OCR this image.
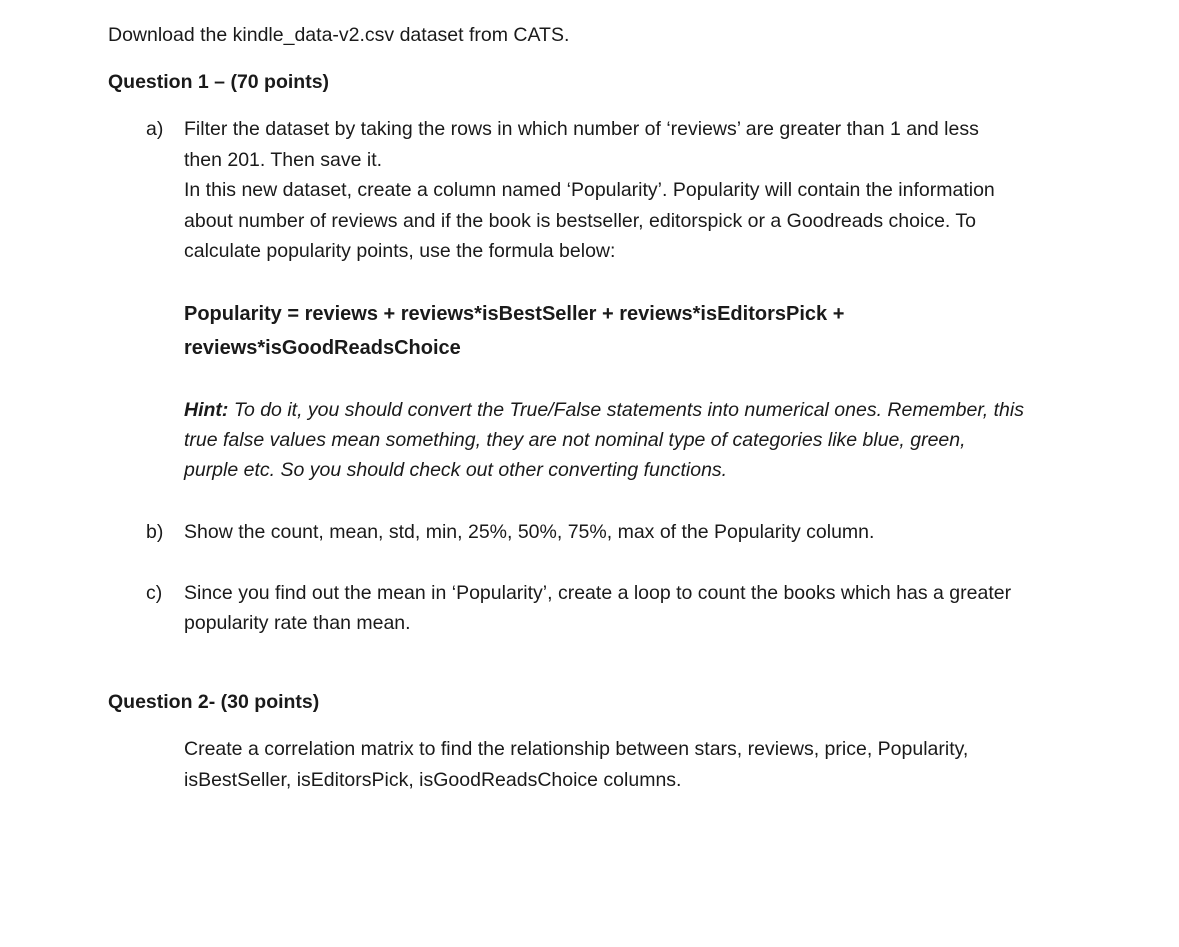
Download the kindle_data-v2.csv dataset from CATS.
Question 1 – (70 points)
a) Filter the dataset by taking the rows in which number of ‘reviews’ are greater than 1 and less
then 201. Then save it.
In this new dataset, create a column named ‘Popularity’. Popularity will contain the information
about number of reviews and if the book is bestseller, editorspick or a Goodreads choice. To
calculate popularity points, use the formula below:
Popularity = reviews + reviews*isBestSeller + reviews*isEditorsPick +
reviews*isGoodReadsChoice
Hint: To do it, you should convert the True/False statements into numerical ones. Remember, this
true false values mean something, they are not nominal type of categories like blue, green,
purple etc. So you should check out other converting functions.
b) Show the count, mean, std, min, 25%, 50%, 75%, max of the Popularity column.
c) Since you find out the mean in ‘Popularity’, create a loop to count the books which has a greater
popularity rate than mean.
Question 2- (30 points)
Create a correlation matrix to find the relationship between stars, reviews, price, Popularity,
isBestSeller, isEditorsPick, isGoodReadsChoice columns.
